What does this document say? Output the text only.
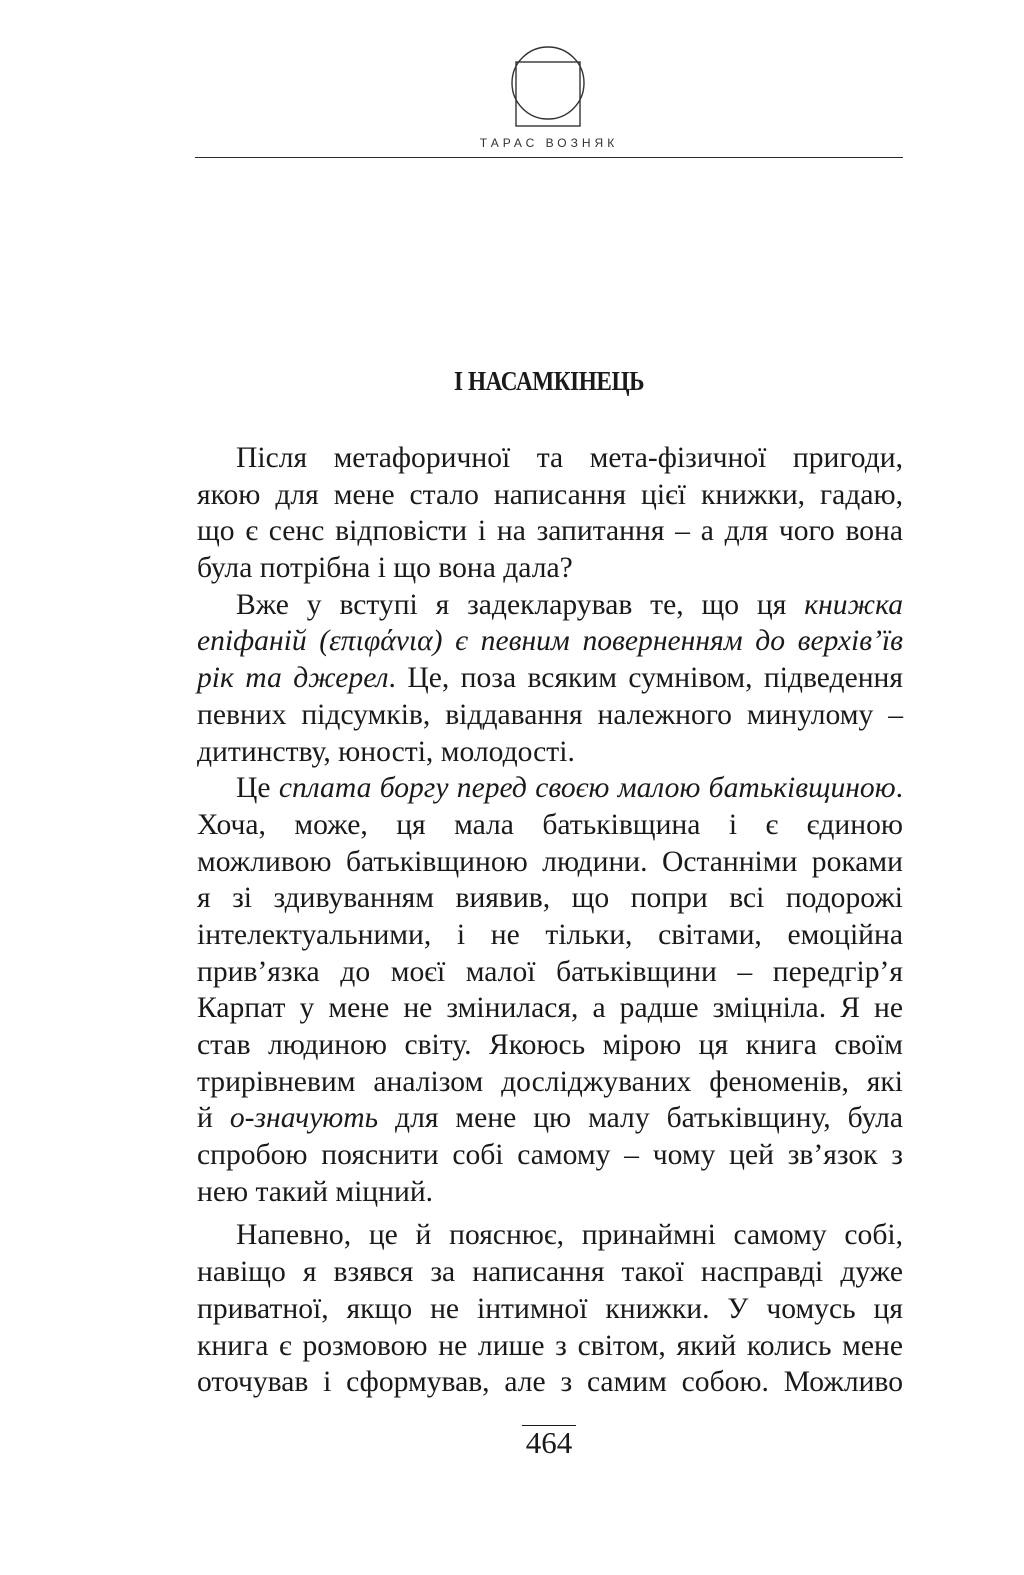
ТАРАС ВОЗНЯК
І НАСАМКІНЕЦЬ
Після метафоричної та мета-фізичної пригоди,
якою для мене стало написання цієї книжки, гадаю,
що є сенс відповісти і на запитання – а для чого вона
була потрібна і що вона дала?
Вже у вступі я задекларував те, що ця книжка
епіфаній (επιφάνια) є певним поверненням до верхів’їв
рік та джерел. Це, поза всяким сумнівом, підведення
певних підсумків, віддавання належного минулому –
дитинству, юності, молодості.
Це сплата боргу перед своєю малою батьківщиною.
Хоча, може, ця мала батьківщина і є єдиною
можливою батьківщиною людини. Останніми роками
я зі здивуванням виявив, що попри всі подорожі
інтелектуальними, і не тільки, світами, емоційна
прив’язка до моєї малої батьківщини – передгір’я
Карпат у мене не змінилася, а радше зміцніла. Я не
став людиною світу. Якоюсь мірою ця книга своїм
трирівневим аналізом досліджуваних феноменів, які
й о-значують для мене цю малу батьківщину, була
спробою пояснити собі самому – чому цей зв’язок з
нею такий міцний.
Напевно, це й пояснює, принаймні самому собі,
навіщо я взявся за написання такої насправді дуже
приватної, якщо не інтимної книжки. У чомусь ця
книга є розмовою не лише з світом, який колись мене
оточував і сформував, але з самим собою. Можливо
464
